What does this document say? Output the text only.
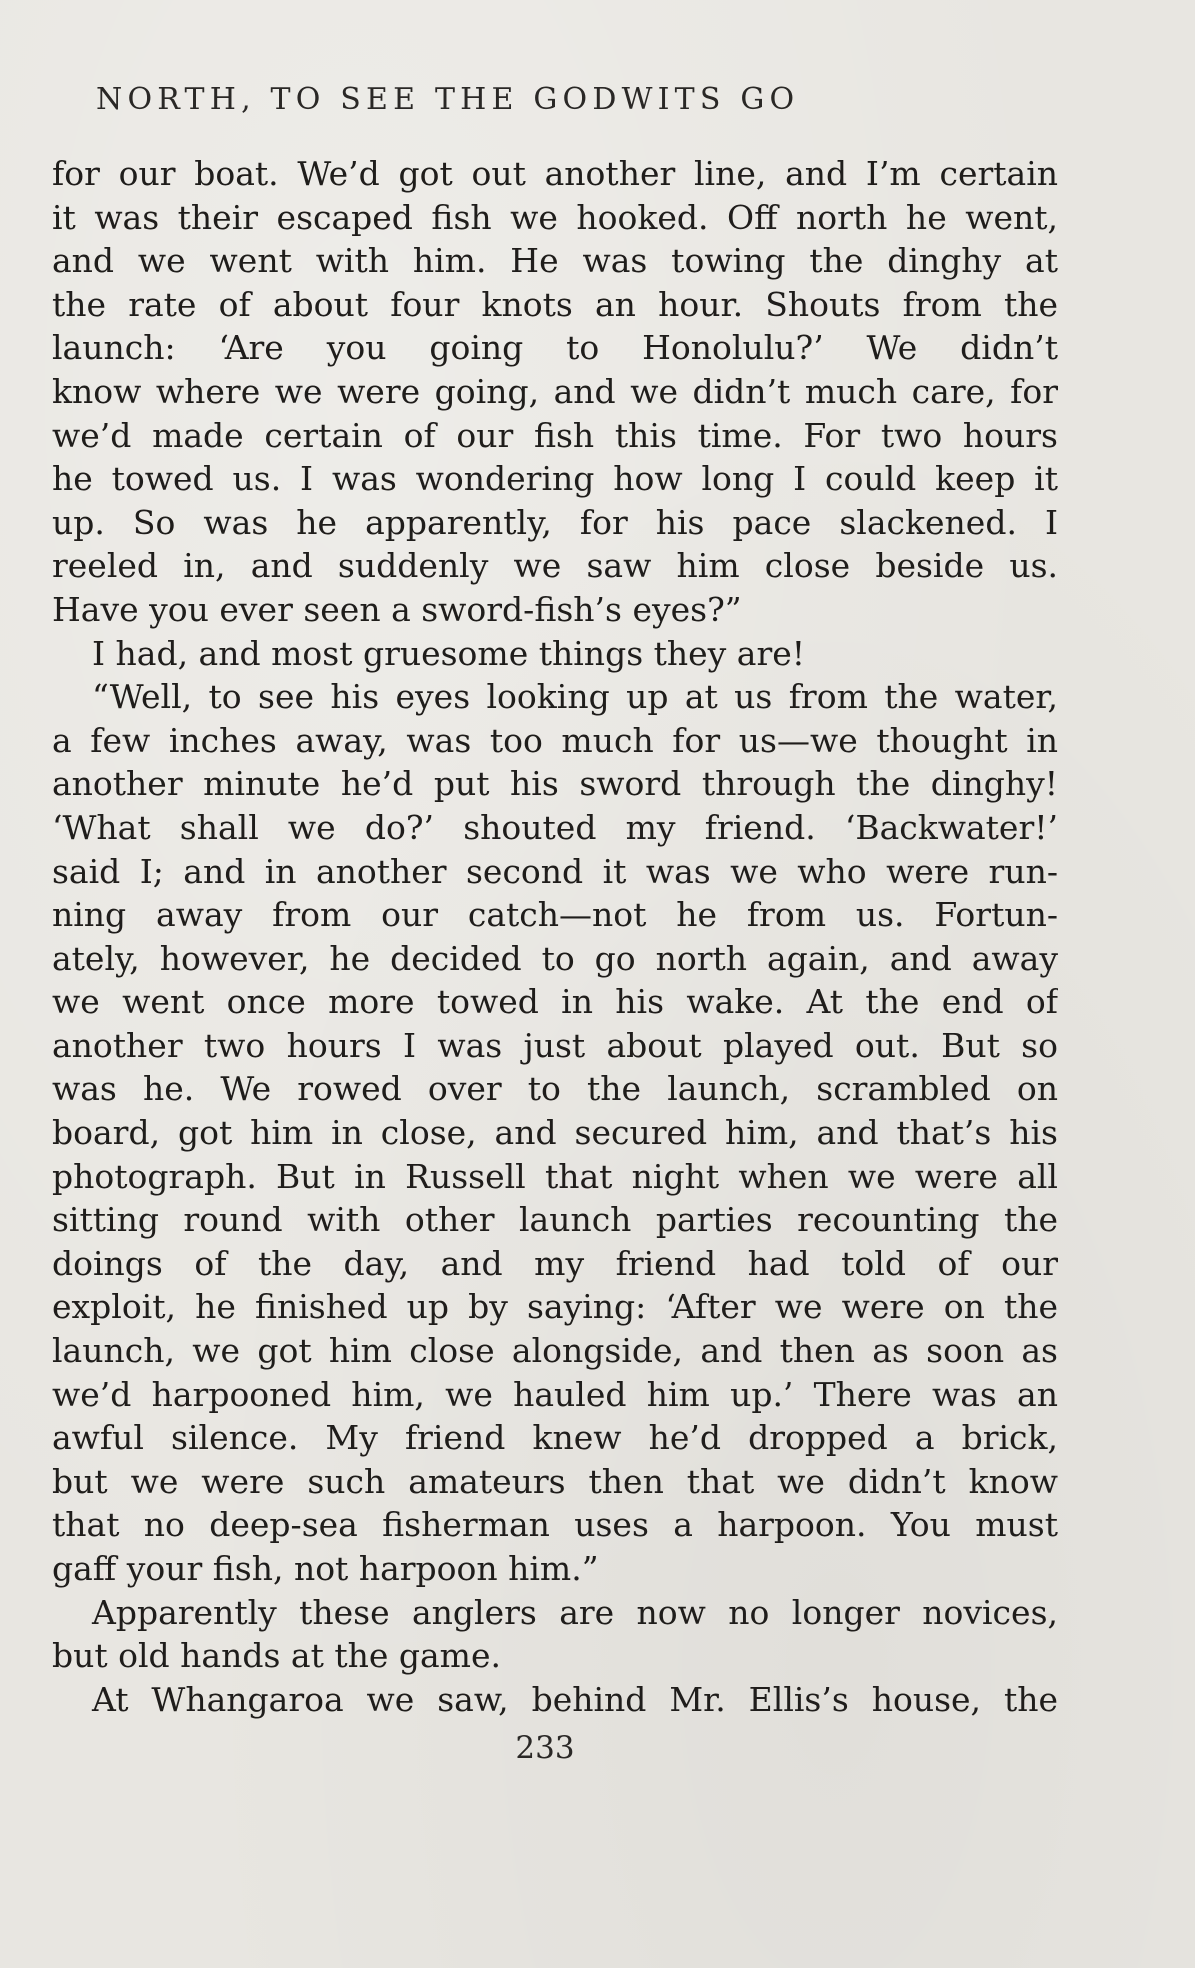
NORTH, TO SEE THE GODWITS GO
for our boat. We’d got out another line, and I’m certain
it was their escaped fish we hooked. Off north he went,
and we went with him. He was towing the dinghy at
the rate of about four knots an hour. Shouts from the
launch: ‘Are you going to Honolulu?’ We didn’t
know where we were going, and we didn’t much care, for
we’d made certain of our fish this time. For two hours
he towed us. I was wondering how long I could keep it
up. So was he apparently, for his pace slackened. I
reeled in, and suddenly we saw him close beside us.
Have you ever seen a sword-fish’s eyes?”
I had, and most gruesome things they are!
“Well, to see his eyes looking up at us from the water,
a few inches away, was too much for us—we thought in
another minute he’d put his sword through the dinghy!
‘What shall we do?’ shouted my friend. ‘Backwater!’
said I; and in another second it was we who were run-
ning away from our catch—not he from us. Fortun-
ately, however, he decided to go north again, and away
we went once more towed in his wake. At the end of
another two hours I was just about played out. But so
was he. We rowed over to the launch, scrambled on
board, got him in close, and secured him, and that’s his
photograph. But in Russell that night when we were all
sitting round with other launch parties recounting the
doings of the day, and my friend had told of our
exploit, he finished up by saying: ‘After we were on the
launch, we got him close alongside, and then as soon as
we’d harpooned him, we hauled him up.’ There was an
awful silence. My friend knew he’d dropped a brick,
but we were such amateurs then that we didn’t know
that no deep-sea fisherman uses a harpoon. You must
gaff your fish, not harpoon him.”
Apparently these anglers are now no longer novices,
but old hands at the game.
At Whangaroa we saw, behind Mr. Ellis’s house, the
233
